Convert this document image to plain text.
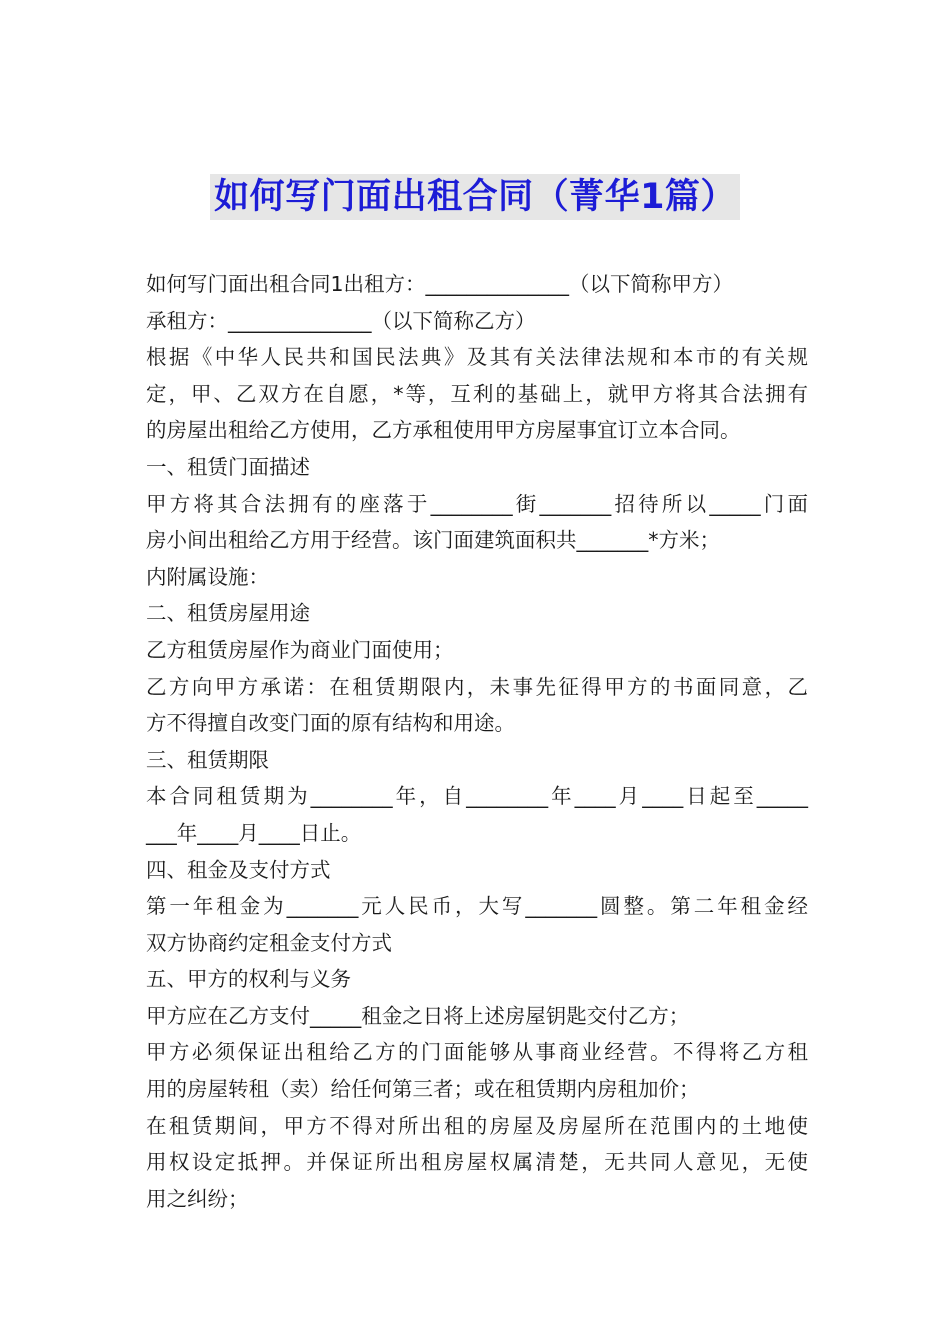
如何写门面出租合同（菁华1篇）
如何写门面出租合同1出租方：______________（以下简称甲方）
承租方：______________（以下简称乙方）
根据《中华人民共和国民法典》及其有关法律法规和本市的有关规
定，甲、乙双方在自愿，*等，互利的基础上，就甲方将其合法拥有
的房屋出租给乙方使用，乙方承租使用甲方房屋事宜订立本合同。
一、租赁门面描述
甲方将其合法拥有的座落于________街_______招待所以_____门面
房小间出租给乙方用于经营。该门面建筑面积共_______*方米；
内附属设施：
二、租赁房屋用途
乙方租赁房屋作为商业门面使用；
乙方向甲方承诺：在租赁期限内，未事先征得甲方的书面同意，乙
方不得擅自改变门面的原有结构和用途。
三、租赁期限
本合同租赁期为________年，自________年____月____日起至_____
___年____月____日止。
四、租金及支付方式
第一年租金为_______元人民币，大写_______圆整。第二年租金经
双方协商约定租金支付方式
五、甲方的权利与义务
甲方应在乙方支付_____租金之日将上述房屋钥匙交付乙方；
甲方必须保证出租给乙方的门面能够从事商业经营。不得将乙方租
用的房屋转租（卖）给任何第三者；或在租赁期内房租加价；
在租赁期间，甲方不得对所出租的房屋及房屋所在范围内的土地使
用权设定抵押。并保证所出租房屋权属清楚，无共同人意见，无使
用之纠纷；
